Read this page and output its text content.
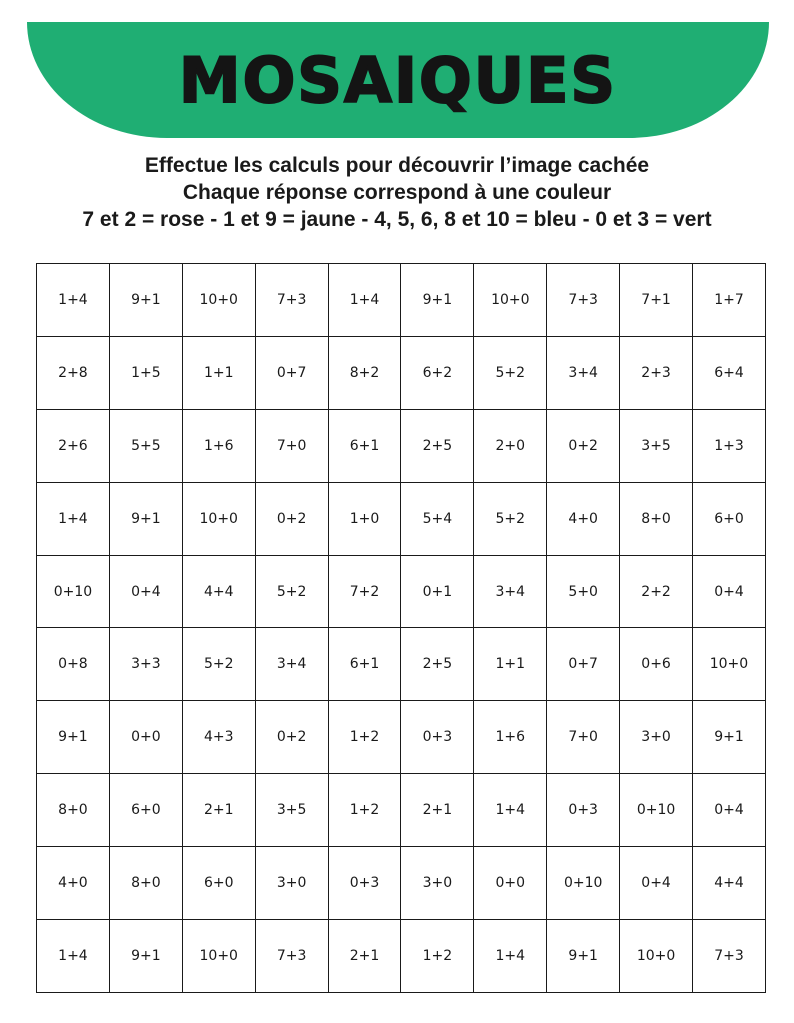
MOSAIQUES
Effectue les calculs pour découvrir l’image cachée
Chaque réponse correspond à une couleur
7 et 2 = rose - 1 et 9 = jaune - 4, 5, 6, 8 et 10 = bleu - 0 et 3 = vert
1+4	9+1	10+0	7+3	1+4	9+1	10+0	7+3	7+1	1+7
2+8	1+5	1+1	0+7	8+2	6+2	5+2	3+4	2+3	6+4
2+6	5+5	1+6	7+0	6+1	2+5	2+0	0+2	3+5	1+3
1+4	9+1	10+0	0+2	1+0	5+4	5+2	4+0	8+0	6+0
0+10	0+4	4+4	5+2	7+2	0+1	3+4	5+0	2+2	0+4
0+8	3+3	5+2	3+4	6+1	2+5	1+1	0+7	0+6	10+0
9+1	0+0	4+3	0+2	1+2	0+3	1+6	7+0	3+0	9+1
8+0	6+0	2+1	3+5	1+2	2+1	1+4	0+3	0+10	0+4
4+0	8+0	6+0	3+0	0+3	3+0	0+0	0+10	0+4	4+4
1+4	9+1	10+0	7+3	2+1	1+2	1+4	9+1	10+0	7+3
